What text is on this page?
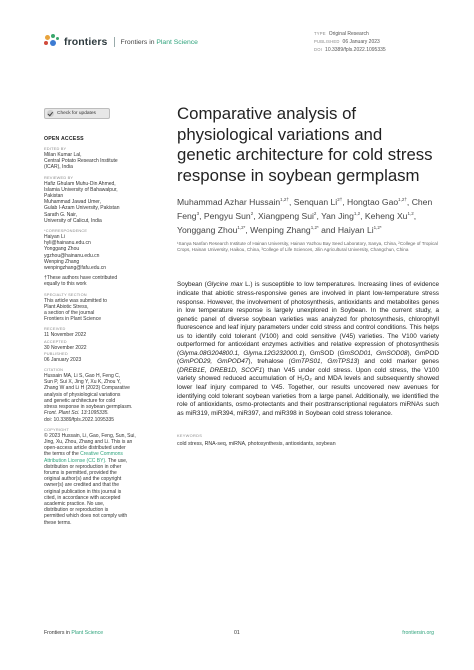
frontiers Frontiers in Plant Science
TYPE Original Research
PUBLISHED 06 January 2023
DOI 10.3389/fpls.2022.1095335
Check for updates
OPEN ACCESS
EDITED BY
Milan Kumar Lal,
Central Potato Research Institute
(ICAR), India
REVIEWED BY
Hafiz Ghulam Muhu-Din Ahmed,
Islamia University of Bahawalpur,
Pakistan
Muhammad Jawad Umer,
Gulab I-Azam University, Pakistan
Sarath G. Nair,
University of Calicut, India
*CORRESPONDENCE
Haiyan Li
hyli@hainanu.edu.cn
Yonggang Zhou
ygzhou@hainanu.edu.cn
Wenping Zhang
wenpingzhang@fafu.edu.cn
†These authors have contributed
equally to this work
SPECIALTY SECTION
This article was submitted to
Plant Abiotic Stress,
a section of the journal
Frontiers in Plant Science
RECEIVED
11 November 2022
ACCEPTED
30 November 2022
PUBLISHED
06 January 2023
CITATION
Hussain MA, Li S, Gao H, Feng C,
Sun P, Sui X, Jing Y, Xu K, Zhou Y,
Zhang W and Li H (2023) Comparative
analysis of physiological variations
and genetic architecture for cold
stress response in soybean germplasm.
Front. Plant Sci. 13:1095335.
doi: 10.3389/fpls.2022.1095335
COPYRIGHT
© 2023 Hussain, Li, Gao, Feng, Sun, Sui,
Jing, Xu, Zhou, Zhang and Li. This is an
open-access article distributed under
the terms of the Creative Commons
Attribution License (CC BY). The use,
distribution or reproduction in other
forums is permitted, provided the
original author(s) and the copyright
owner(s) are credited and that the
original publication in this journal is
cited, in accordance with accepted
academic practice. No use,
distribution or reproduction is
permitted which does not comply with
these terms.
Comparative analysis of physiological variations and genetic architecture for cold stress response in soybean germplasm
Muhammad Azhar Hussain$^{1,2\dagger}$, Senquan $Li^{2\dagger}$, Hongtao Gao$^{1,2\dagger}$, Chen Feng$^3$, Pengyu Sun$^2$, Xiangpeng Sui$^2$, Yan Jing$^{1,2}$, Keheng Xu$^{1,2}$, Yonggang Zhou$^{1,2*}$, Wenping Zhang$^{1,2*}$ and Haiyan $Li^{1,2*}$
¹Sanya Nanfan Research Institute of Hainan University, Hainan Yazhou Bay Seed Laboratory, Sanya, China, ²College of Tropical Crops, Hainan University, Haikou, China, ³College of Life Sciences, Jilin Agricultural University, Changchun, China
Soybean (Glycine max L.) is susceptible to low temperatures. Increasing lines of evidence indicate that abiotic stress-responsive genes are involved in plant low-temperature stress response. However, the involvement of photosynthesis, antioxidants and metabolites genes in low temperature response is largely unexplored in Soybean. In the current study, a genetic panel of diverse soybean varieties was analyzed for photosynthesis, chlorophyll fluorescence and leaf injury parameters under cold stress and control conditions. This helps us to identify cold tolerant (V100) and cold sensitive (V45) varieties. The V100 variety outperformed for antioxidant enzymes activities and relative expression of photosynthesis (Glyma.08G204800.1, Glyma.12G232000.1), GmSOD (GmSOD01, GmSOD08), GmPOD (GmPOD29, GmPOD47), trehalose (GmTPS01, GmTPS13) and cold marker genes (DREB1E, DREB1D, SCOF1) than V45 under cold stress. Upon cold stress, the V100 variety showed reduced accumulation of H₂O₂ and MDA levels and subsequently showed lower leaf injury compared to V45. Together, our results uncovered new avenues for identifying cold tolerant soybean varieties from a large panel. Additionally, we identified the role of antioxidants, osmo-protectants and their posttranscriptional regulators miRNAs such as miR319, miR394, miR397, and miR398 in Soybean cold stress tolerance.
KEYWORDS
cold stress, RNA-seq, miRNA, photosynthesis, antioxidants, soybean
Frontiers in Plant Science	01	frontiersin.org
